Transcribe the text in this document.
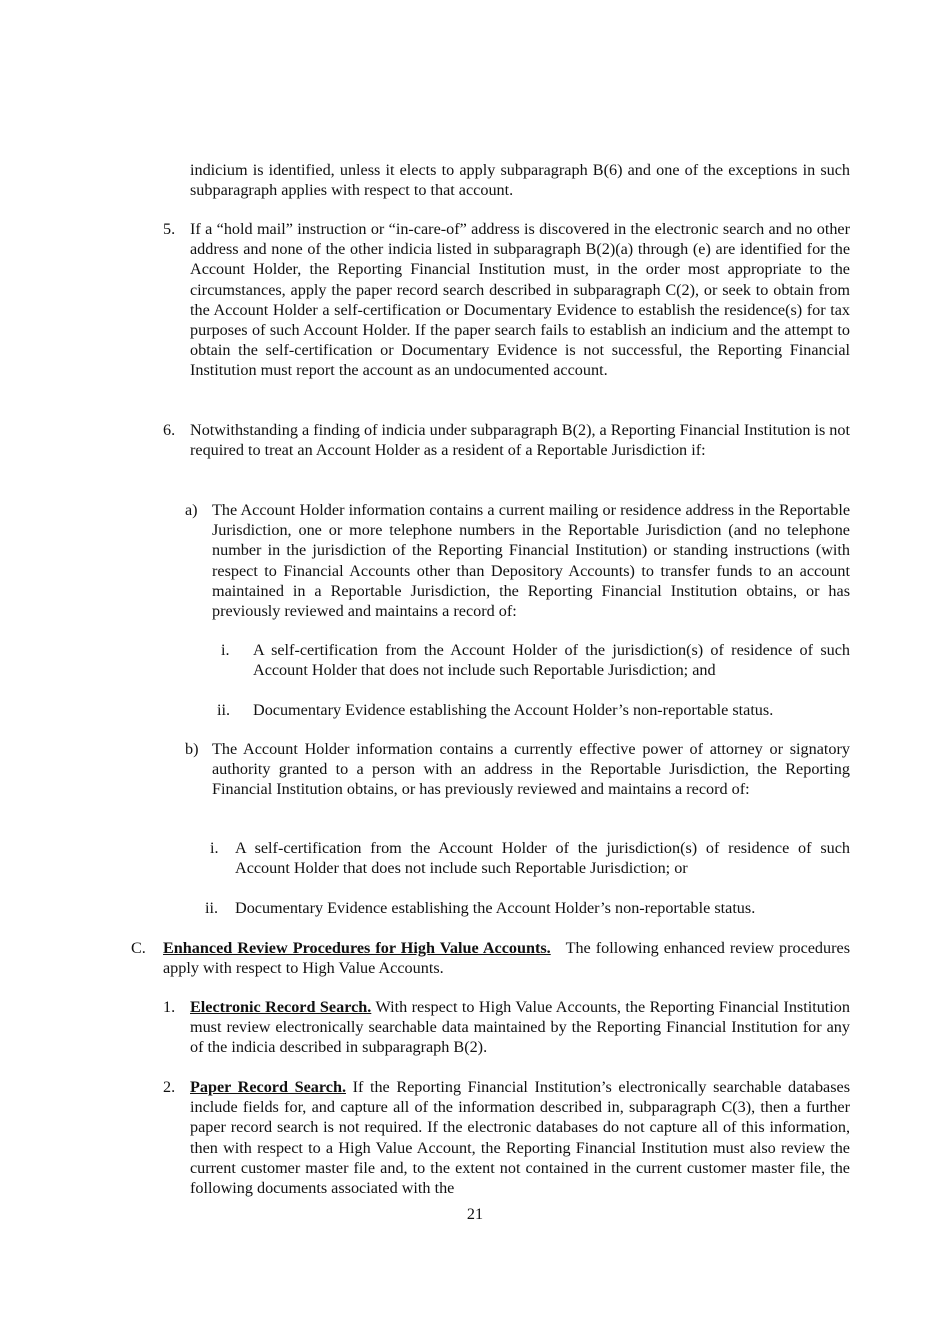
indicium is identified, unless it elects to apply subparagraph B(6) and one of the exceptions in such subparagraph applies with respect to that account.

5. If a “hold mail” instruction or “in-care-of” address is discovered in the electronic search and no other address and none of the other indicia listed in subparagraph B(2)(a) through (e) are identified for the Account Holder, the Reporting Financial Institution must, in the order most appropriate to the circumstances, apply the paper record search described in subparagraph C(2), or seek to obtain from the Account Holder a self-certification or Documentary Evidence to establish the residence(s) for tax purposes of such Account Holder. If the paper search fails to establish an indicium and the attempt to obtain the self-certification or Documentary Evidence is not successful, the Reporting Financial Institution must report the account as an undocumented account.

6. Notwithstanding a finding of indicia under subparagraph B(2), a Reporting Financial Institution is not required to treat an Account Holder as a resident of a Reportable Jurisdiction if:

a) The Account Holder information contains a current mailing or residence address in the Reportable Jurisdiction, one or more telephone numbers in the Reportable Jurisdiction (and no telephone number in the jurisdiction of the Reporting Financial Institution) or standing instructions (with respect to Financial Accounts other than Depository Accounts) to transfer funds to an account maintained in a Reportable Jurisdiction, the Reporting Financial Institution obtains, or has previously reviewed and maintains a record of:

i. A self-certification from the Account Holder of the jurisdiction(s) of residence of such Account Holder that does not include such Reportable Jurisdiction; and

ii. Documentary Evidence establishing the Account Holder’s non-reportable status.

b) The Account Holder information contains a currently effective power of attorney or signatory authority granted to a person with an address in the Reportable Jurisdiction, the Reporting Financial Institution obtains, or has previously reviewed and maintains a record of:

i. A self-certification from the Account Holder of the jurisdiction(s) of residence of such Account Holder that does not include such Reportable Jurisdiction; or

ii. Documentary Evidence establishing the Account Holder’s non-reportable status.

C. Enhanced Review Procedures for High Value Accounts. The following enhanced review procedures apply with respect to High Value Accounts.

1. Electronic Record Search. With respect to High Value Accounts, the Reporting Financial Institution must review electronically searchable data maintained by the Reporting Financial Institution for any of the indicia described in subparagraph B(2).

2. Paper Record Search. If the Reporting Financial Institution’s electronically searchable databases include fields for, and capture all of the information described in, subparagraph C(3), then a further paper record search is not required. If the electronic databases do not capture all of this information, then with respect to a High Value Account, the Reporting Financial Institution must also review the current customer master file and, to the extent not contained in the current customer master file, the following documents associated with the

21
